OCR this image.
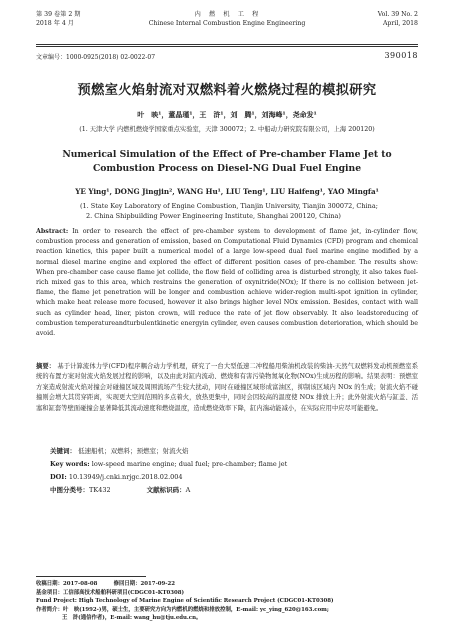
第 39 卷第 2 期
2018 年 4 月
内　燃　机　工　程
Chinese Internal Combustion Engine Engineering
Vol. 39 No. 2
April, 2018
文章编号：1000-0925(2018) 02-0022-07	390018
预燃室火焰射流对双燃料着火燃烧过程的模拟研究
叶　映¹，董晶瑾¹，王　浒¹，刘　腾¹，刘海峰¹，尧命发¹
(1. 天津大学 内燃机燃烧学国家重点实验室，天津 300072；2. 中船动力研究院有限公司，上海 200120)
Numerical Simulation of the Effect of Pre-chamber Flame Jet to
Combustion Process on Diesel-NG Dual Fuel Engine
YE Ying¹, DONG Jingjin², WANG Hu¹, LIU Teng¹, LIU Haifeng¹, YAO Mingfa¹
(1. State Key Laboratory of Engine Combustion, Tianjin University, Tianjin 300072, China;
2. China Shipbuilding Power Engineering Institute, Shanghai 200120, China)
Abstract: In order to research the effect of pre-chamber system to development of flame jet, in-cylinder flow, combustion process and generation of emission, based on Computational Fluid Dynamics (CFD) program and chemical reaction kinetics, this paper built a numerical model of a large low-speed dual fuel marine engine modified by a normal diesel marine engine and explored the effect of different position cases of pre-chamber. The results show: When pre-chamber case cause flame jet collide, the flow field of colliding area is disturbed strongly, it also takes fuel-rich mixed gas to this area, which restrains the generation of oxynitride(NOx); If there is no collision between jet-flame, the flame jet penetration will be longer and combustion achieve wider-region multi-spot ignition in cylinder, which make heat release more focused, however it also brings higher level NOx emission. Besides, contact with wall such as cylinder head, liner, piston crown, will reduce the rate of jet flow observably. It also leadstoreducing of combustion temperatureandturbulentkinetic energyin cylinder, even causes combustion deterioration, which should be avoid.
摘要： 基于计算流体力学(CFD)程序耦合动力学机理，研究了一台大型低速二冲程船用柴油机改装的柴油-天然气双燃料发动机预燃室系统的布置方案对射流火焰发展过程的影响，以及由此对缸内流动、燃烧和有害污染物氮氧化物(NOx)生成历程的影响。结果表明：预燃室方案造成射流火焰对撞会对碰撞区域及周围流场产生较大扰动，同时在碰撞区域形成富油区，抑制该区域内 NOx 的生成；射流火焰不碰撞则会增大其贯穿距离，实现更大空间范围的多点着火，放热更集中，同时会因较高的温度使 NOx 排放上升；此外射流火焰与缸盖、活塞和缸套等壁面碰撞会显著降低其流动速度和燃烧温度，造成燃烧效率下降，缸内湍动能减小，在实际应用中应尽可能避免。
关键词： 低速船机；双燃料；预燃室；射流火焰
Key words: low-speed marine engine; dual fuel; pre-chamber; flame jet
DOI: 10.13949/j.cnki.nrjgc.2018.02.004
中图分类号：TK432	文献标识码：A
收稿日期：2017-08-08　　　修回日期：2017-09-22
基金项目：工信部高技术船舶科研项目(CDGC01-KT0308)
Fund Project: High Technology of Marine Engine of Scientific Research Project (CDGC01-KT0308)
作者简介：叶　映(1992-)男，硕士生，主要研究方向为内燃机的燃烧和排放控制，E-mail: yc_ying_620@163.com;
王　浒(通信作者)，E-mail: wang_hu@tju.edu.cn。
